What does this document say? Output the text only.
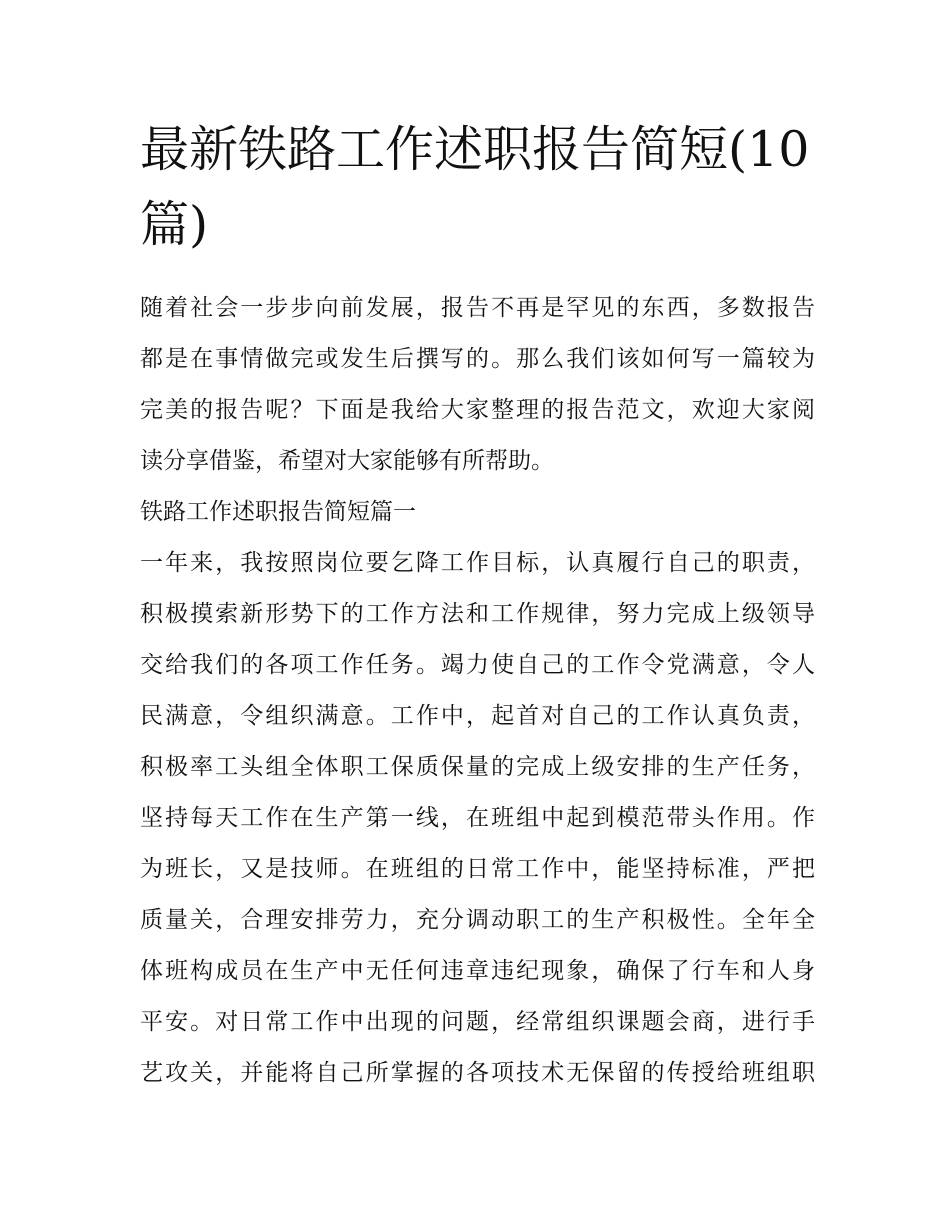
最新铁路工作述职报告简短(10
篇)

随着社会一步步向前发展，报告不再是罕见的东西，多数报告
都是在事情做完或发生后撰写的。那么我们该如何写一篇较为
完美的报告呢？下面是我给大家整理的报告范文，欢迎大家阅
读分享借鉴，希望对大家能够有所帮助。

铁路工作述职报告简短篇一

一年来，我按照岗位要乞降工作目标，认真履行自己的职责，
积极摸索新形势下的工作方法和工作规律，努力完成上级领导
交给我们的各项工作任务。竭力使自己的工作令党满意，令人
民满意，令组织满意。工作中，起首对自己的工作认真负责，
积极率工头组全体职工保质保量的完成上级安排的生产任务，
坚持每天工作在生产第一线，在班组中起到模范带头作用。作
为班长，又是技师。在班组的日常工作中，能坚持标准，严把
质量关，合理安排劳力，充分调动职工的生产积极性。全年全
体班构成员在生产中无任何违章违纪现象，确保了行车和人身
平安。对日常工作中出现的问题，经常组织课题会商，进行手
艺攻关，并能将自己所掌握的各项技术无保留的传授给班组职
